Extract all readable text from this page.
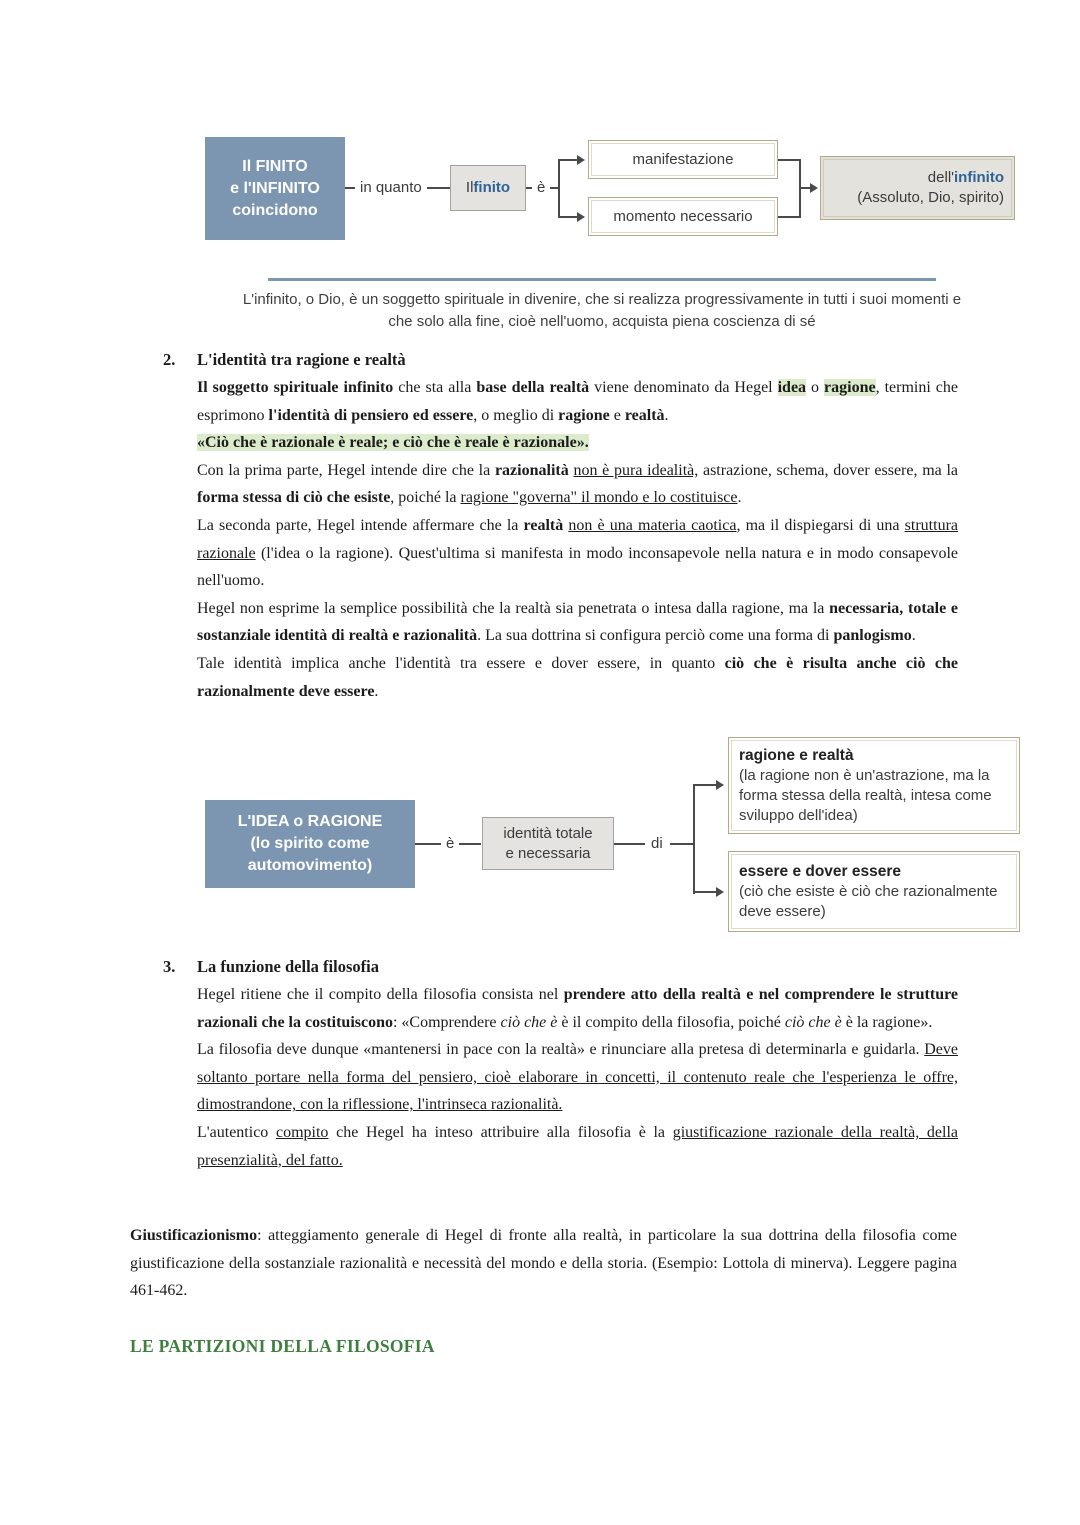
Il FINITO
e l'INFINITO
coincidono
in quanto	Il finito	è
manifestazione
momento necessario
dell'infinito
(Assoluto, Dio, spirito)
L'infinito, o Dio, è un soggetto spirituale in divenire, che si realizza progressivamente in tutti i suoi momenti e che solo alla fine, cioè nell'uomo, acquista piena coscienza di sé
2.	L'identità tra ragione e realtà

Il soggetto spirituale infinito che sta alla base della realtà viene denominato da Hegel idea o ragione, termini che esprimono l'identità di pensiero ed essere, o meglio di ragione e realtà.

«Ciò che è razionale è reale; e ciò che è reale è razionale».

Con la prima parte, Hegel intende dire che la razionalità non è pura idealità, astrazione, schema, dover essere, ma la forma stessa di ciò che esiste, poiché la ragione "governa" il mondo e lo costituisce.

La seconda parte, Hegel intende affermare che la realtà non è una materia caotica, ma il dispiegarsi di una struttura razionale (l'idea o la ragione). Quest'ultima si manifesta in modo inconsapevole nella natura e in modo consapevole nell'uomo.

Hegel non esprime la semplice possibilità che la realtà sia penetrata o intesa dalla ragione, ma la necessaria, totale e sostanziale identità di realtà e razionalità. La sua dottrina si configura perciò come una forma di panlogismo.

Tale identità implica anche l'identità tra essere e dover essere, in quanto ciò che è risulta anche ciò che razionalmente deve essere.

ragione e realtà
(la ragione non è un'astrazione, ma la forma stessa della realtà, intesa come sviluppo dell'idea)
essere e dover essere
(ciò che esiste è ciò che razionalmente deve essere)
L'IDEA o RAGIONE
(lo spirito come
automovimento)
è
identità totale
e necessaria
di
3.	La funzione della filosofia

Hegel ritiene che il compito della filosofia consista nel prendere atto della realtà e nel comprendere le strutture razionali che la costituiscono: «Comprendere ciò che è è il compito della filosofia, poiché ciò che è è la ragione».

La filosofia deve dunque «mantenersi in pace con la realtà» e rinunciare alla pretesa di determinarla e guidarla. Deve soltanto portare nella forma del pensiero, cioè elaborare in concetti, il contenuto reale che l'esperienza le offre, dimostrandone, con la riflessione, l'intrinseca razionalità.

L'autentico compito che Hegel ha inteso attribuire alla filosofia è la giustificazione razionale della realtà, della presenzialità, del fatto.

Giustificazionismo: atteggiamento generale di Hegel di fronte alla realtà, in particolare la sua dottrina della filosofia come giustificazione della sostanziale razionalità e necessità del mondo e della storia. (Esempio: Lottola di minerva). Leggere pagina 461-462.

LE PARTIZIONI DELLA FILOSOFIA
